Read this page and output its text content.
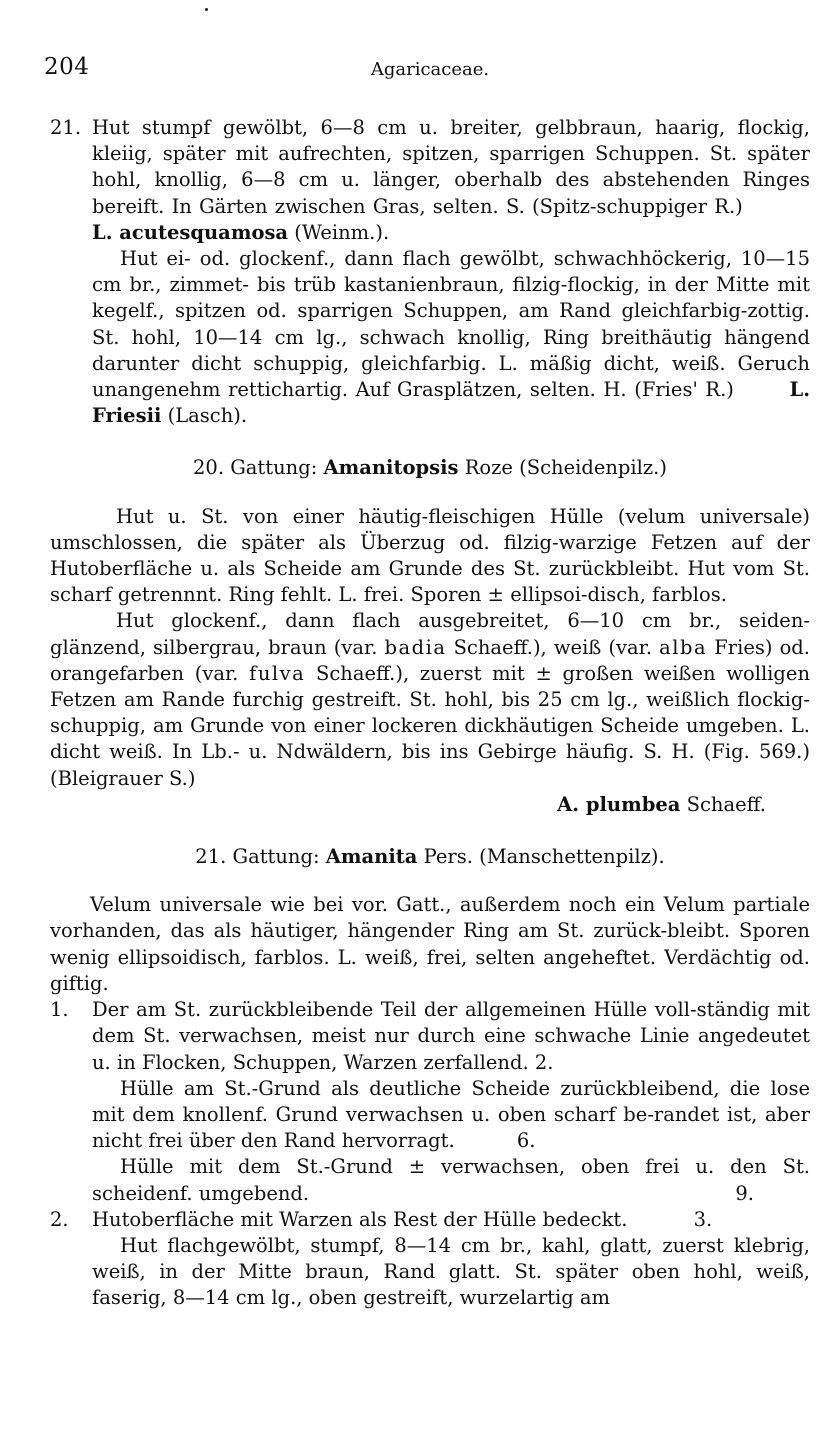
204	Agaricaceae.

21. Hut stumpf gewölbt, 6—8 cm u. breiter, gelbbraun, haarig, flockig, kleiig, später mit aufrechten, spitzen, sparrigen Schuppen. St. später hohl, knollig, 6—8 cm u. länger, oberhalb des abstehenden Ringes bereift. In Gärten zwischen Gras, selten. S. (Spitz-schuppiger R.) L. acutesquamosa (Weinm.).

Hut ei- od. glockenf., dann flach gewölbt, schwachhöckerig, 10—15 cm br., zimmet- bis trüb kastanienbraun, filzig-flockig, in der Mitte mit kegelf., spitzen od. sparrigen Schuppen, am Rand gleichfarbig-zottig. St. hohl, 10—14 cm lg., schwach knollig, Ring breithäutig hängend darunter dicht schuppig, gleichfarbig. L. mäßig dicht, weiß. Geruch unangenehm rettichartig. Auf Grasplätzen, selten. H. (Fries' R.)	L. Friesii (Lasch).

20. Gattung: Amanitopsis Roze (Scheidenpilz.)

Hut u. St. von einer häutig-fleischigen Hülle (velum universale) umschlossen, die später als Überzug od. filzig-warzige Fetzen auf der Hutoberfläche u. als Scheide am Grunde des St. zurückbleibt. Hut vom St. scharf getrennnt. Ring fehlt. L. frei. Sporen ± ellipsoi-disch, farblos.

Hut glockenf., dann flach ausgebreitet, 6—10 cm br., seiden-glänzend, silbergrau, braun (var. badia Schaeff.), weiß (var. alba Fries) od. orangefarben (var. fulva Schaeff.), zuerst mit ± großen weißen wolligen Fetzen am Rande furchig gestreift. St. hohl, bis 25 cm lg., weißlich flockig-schuppig, am Grunde von einer lockeren dickhäutigen Scheide umgeben. L. dicht weiß. In Lb.- u. Ndwäldern, bis ins Gebirge häufig. S. H. (Fig. 569.) (Bleigrauer S.)

A. plumbea Schaeff.

21. Gattung: Amanita Pers. (Manschettenpilz).

Velum universale wie bei vor. Gatt., außerdem noch ein Velum partiale vorhanden, das als häutiger, hängender Ring am St. zurück-bleibt. Sporen wenig ellipsoidisch, farblos. L. weiß, frei, selten angeheftet. Verdächtig od. giftig.

1. Der am St. zurückbleibende Teil der allgemeinen Hülle voll-ständig mit dem St. verwachsen, meist nur durch eine schwache Linie angedeutet u. in Flocken, Schuppen, Warzen zerfallend. 2.

Hülle am St.-Grund als deutliche Scheide zurückbleibend, die lose mit dem knollenf. Grund verwachsen u. oben scharf be-randet ist, aber nicht frei über den Rand hervorragt.	6.

Hülle mit dem St.-Grund ± verwachsen, oben frei u. den St. scheidenf. umgebend.	9.

2. Hutoberfläche mit Warzen als Rest der Hülle bedeckt.	3.

Hut flachgewölbt, stumpf, 8—14 cm br., kahl, glatt, zuerst klebrig, weiß, in der Mitte braun, Rand glatt. St. später oben hohl, weiß, faserig, 8—14 cm lg., oben gestreift, wurzelartig am
